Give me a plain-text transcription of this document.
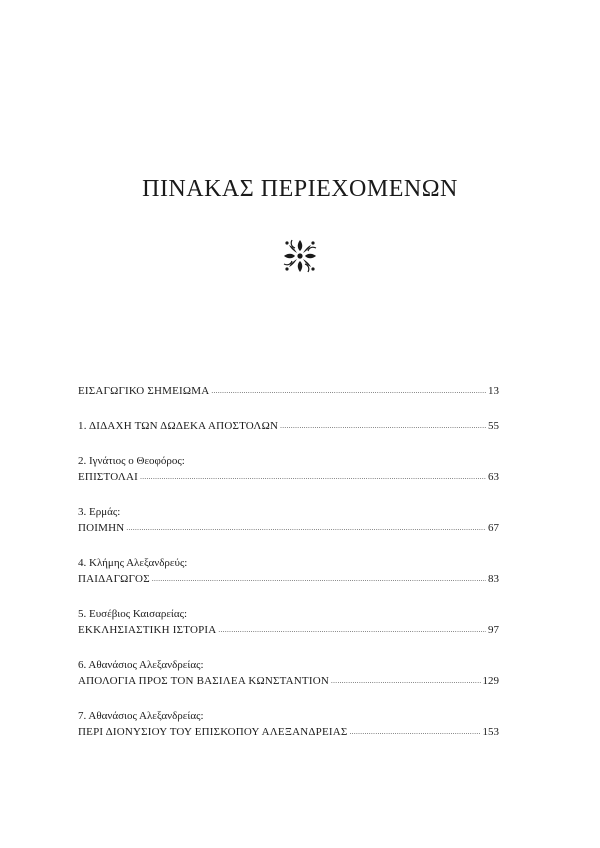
ΠΙΝΑΚΑΣ ΠΕΡΙΕΧΟΜΕΝΩΝ
ΕΙΣΑΓΩΓΙΚΟ ΣΗΜΕΙΩΜΑ .....	13
1. ΔΙΔΑΧΗ ΤΩΝ ΔΩΔΕΚΑ ΑΠΟΣΤΟΛΩΝ .....	55
2. Ιγνάτιος ο Θεοφόρος:
ΕΠΙΣΤΟΛΑΙ .....	63
3. Ερμάς:
ΠΟΙΜΗΝ .....	67
4. Κλήμης Αλεξανδρεύς:
ΠΑΙΔΑΓΩΓΟΣ .....	83
5. Ευσέβιος Καισαρείας:
ΕΚΚΛΗΣΙΑΣΤΙΚΗ ΙΣΤΟΡΙΑ .....	97
6. Αθανάσιος Αλεξανδρείας:
ΑΠΟΛΟΓΙΑ ΠΡΟΣ ΤΟΝ ΒΑΣΙΛΕΑ ΚΩΝΣΤΑΝΤΙΟΝ .....	129
7. Αθανάσιος Αλεξανδρείας:
ΠΕΡΙ ΔΙΟΝΥΣΙΟΥ ΤΟΥ ΕΠΙΣΚΟΠΟΥ ΑΛΕΞΑΝΔΡΕΙΑΣ .....	153
